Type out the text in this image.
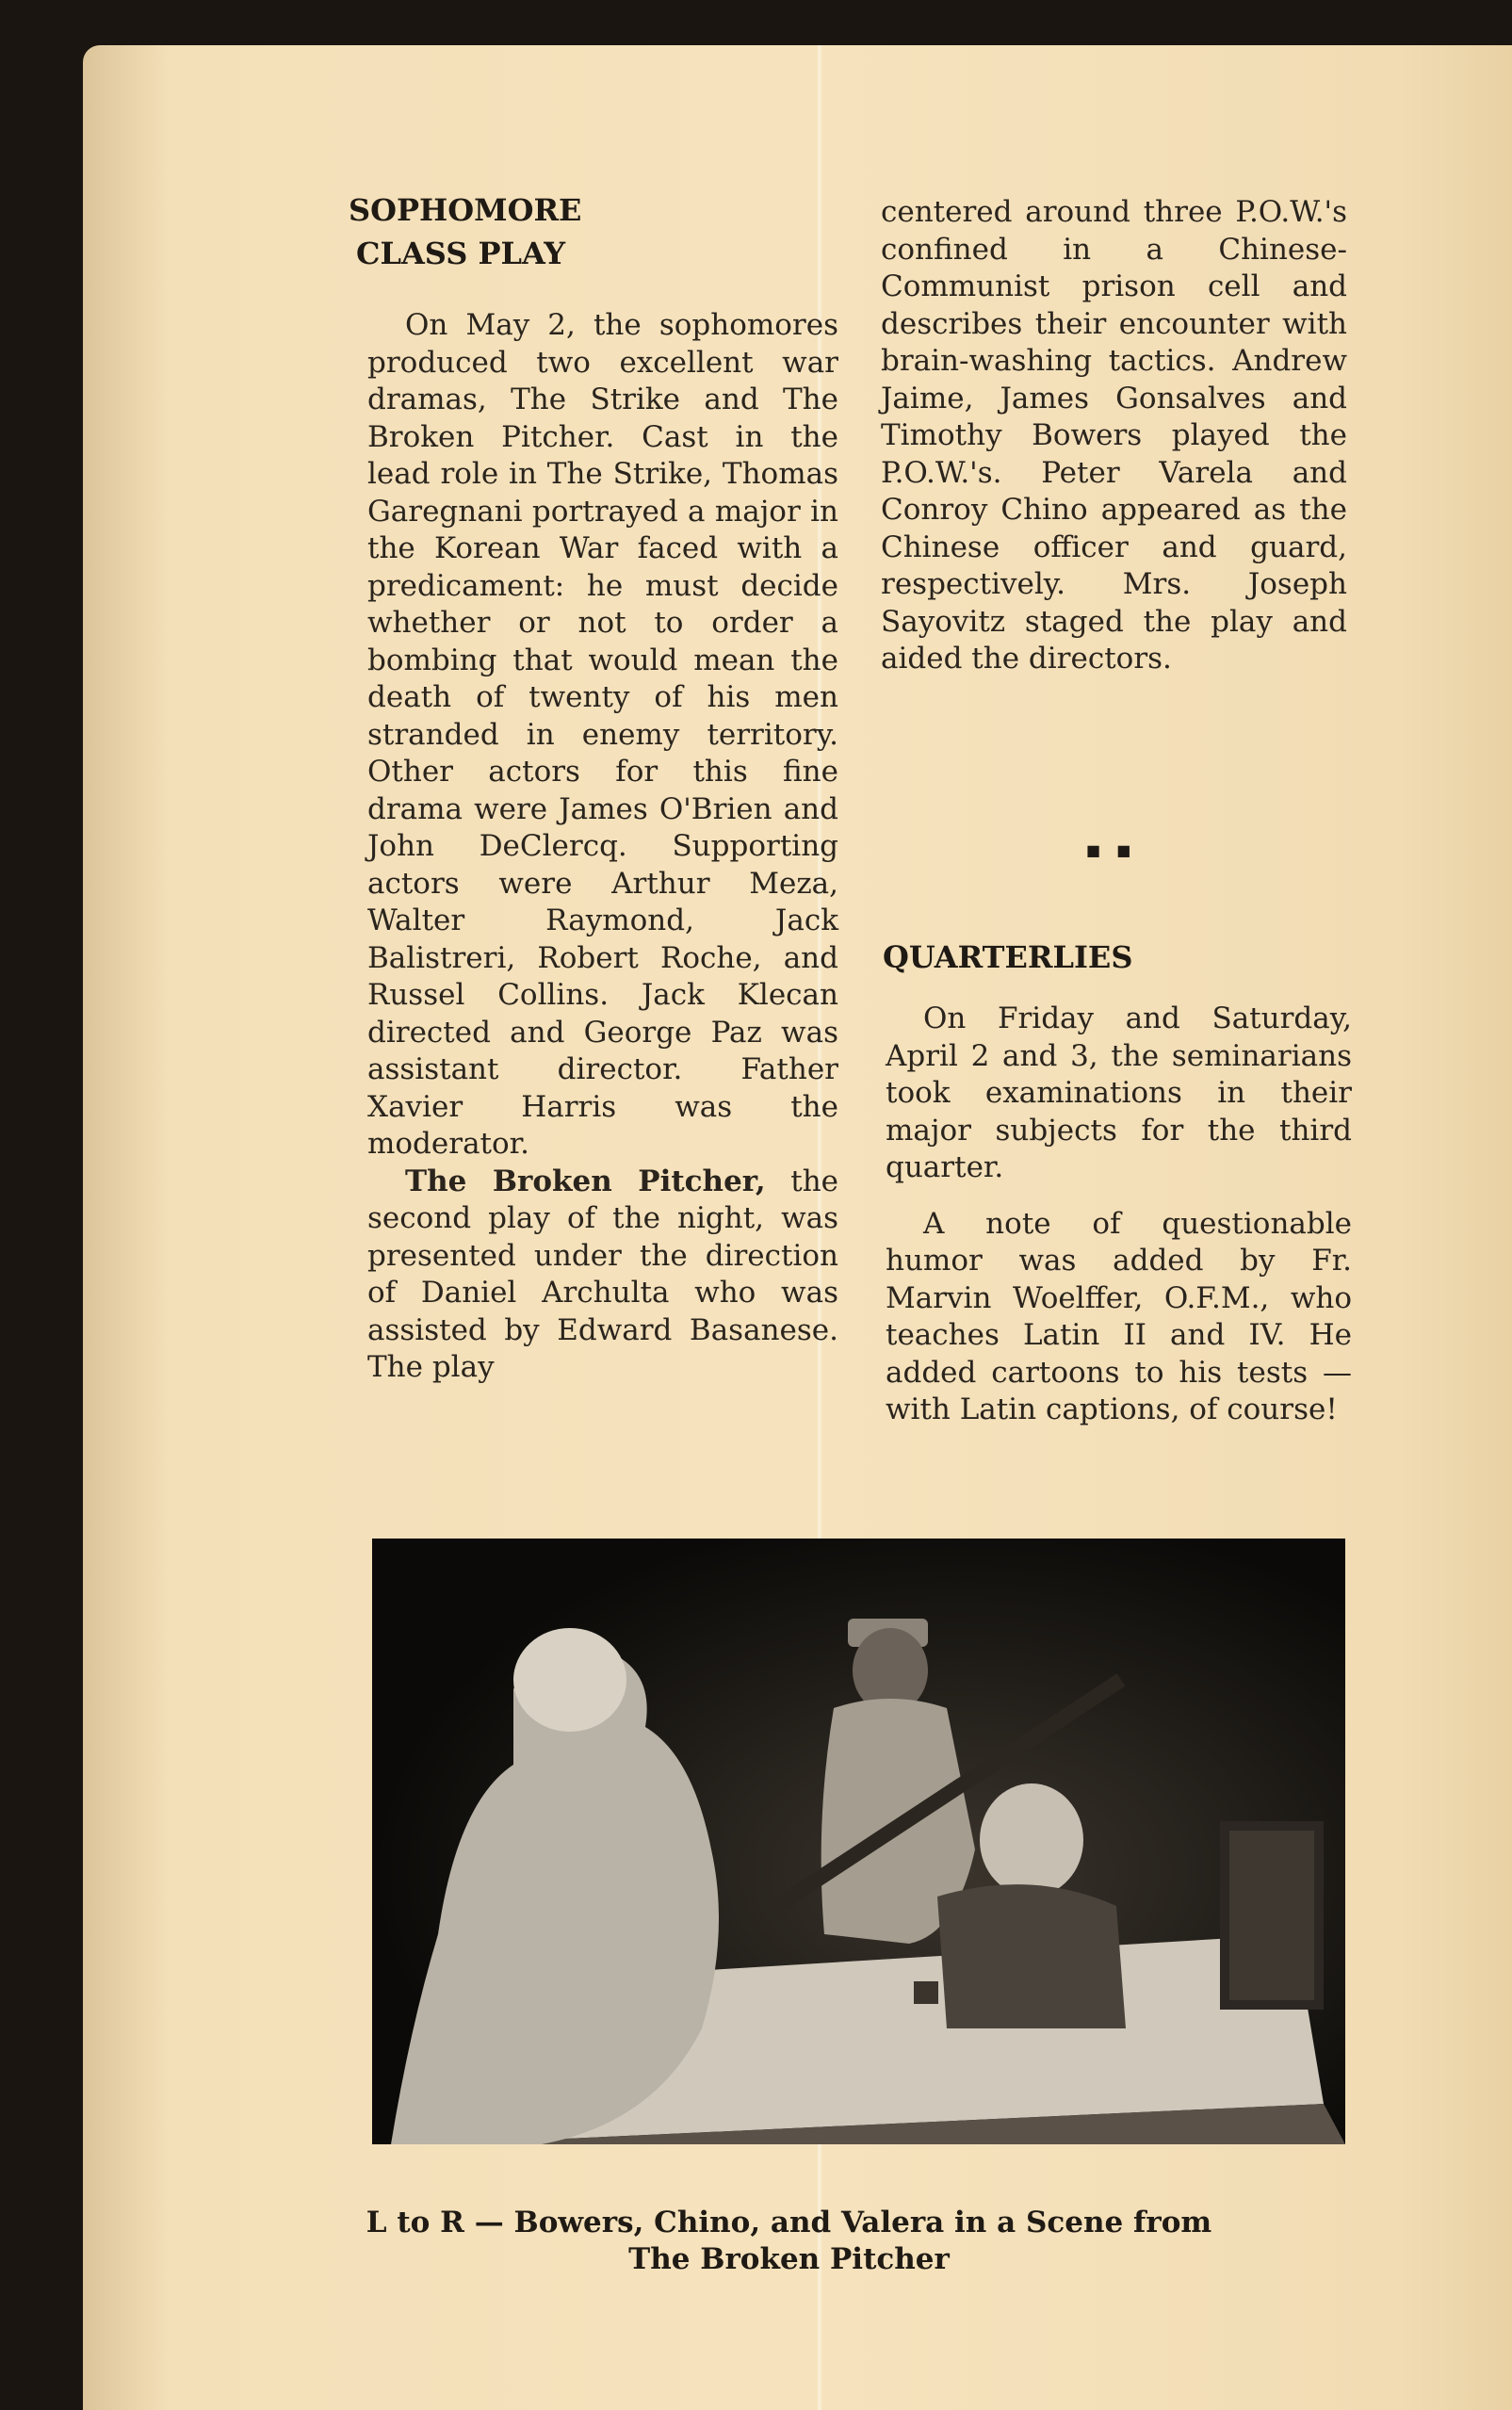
SOPHOMORE
CLASS PLAY

On May 2, the sophomores produced two excellent war dramas, The Strike and The Broken Pitcher. Cast in the lead role in The Strike, Thomas Garegnani portrayed a major in the Korean War faced with a predicament: he must decide whether or not to order a bombing that would mean the death of twenty of his men stranded in enemy territory. Other actors for this fine drama were James O'Brien and John DeClercq. Supporting actors were Arthur Meza, Walter Raymond, Jack Balistreri, Robert Roche, and Russel Collins. Jack Klecan directed and George Paz was assistant director. Father Xavier Harris was the moderator.

The Broken Pitcher, the second play of the night, was presented under the direction of Daniel Archulta who was assisted by Edward Basanese. The play

centered around three P.O.W.'s confined in a Chinese-Communist prison cell and describes their encounter with brain-washing tactics. Andrew Jaime, James Gonsalves and Timothy Bowers played the P.O.W.'s. Peter Varela and Conroy Chino appeared as the Chinese officer and guard, respectively. Mrs. Joseph Sayovitz staged the play and aided the directors.

■ ■
QUARTERLIES

On Friday and Saturday, April 2 and 3, the seminarians took examinations in their major subjects for the third quarter.

A note of questionable humor was added by Fr. Marvin Woelffer, O.F.M., who teaches Latin II and IV. He added cartoons to his tests — with Latin captions, of course!

L to R — Bowers, Chino, and Valera in a Scene from
The Broken Pitcher
